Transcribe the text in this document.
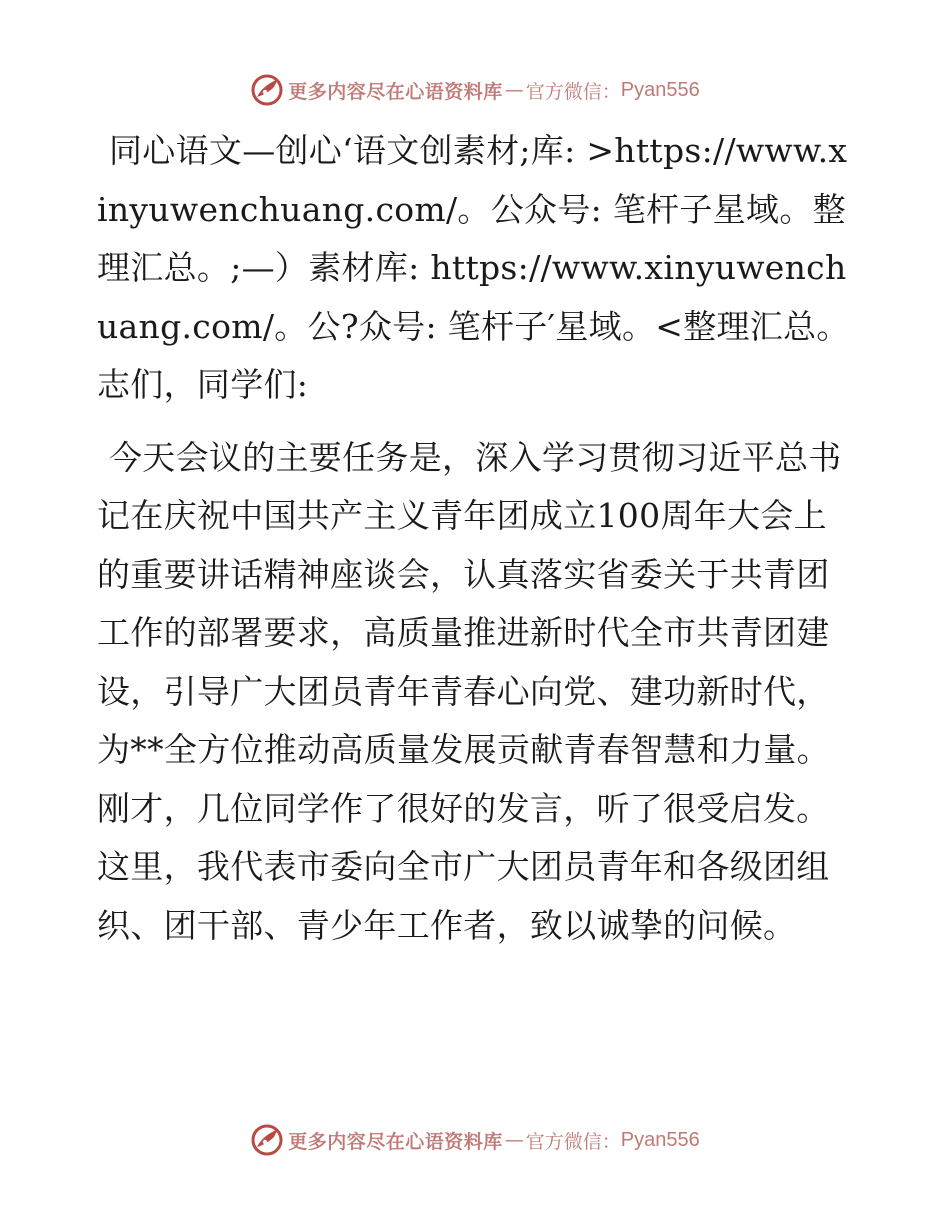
更多内容尽在心语资料库 — 官方微信： Pyan556

同心语文—创心‘语文创素材;库: >https://www.xinyuwenchuang.com/。公众号: 笔杆子星域。整理汇总。;—）素材库: https://www.xinyuwenchuang.com/。公?众号: 笔杆子′星域。<整理汇总。志们，同学们:

今天会议的主要任务是，深入学习贯彻习近平总书记在庆祝中国共产主义青年团成立100周年大会上的重要讲话精神座谈会，认真落实省委关于共青团工作的部署要求，高质量推进新时代全市共青团建设，引导广大团员青年青春心向党、建功新时代，为**全方位推动高质量发展贡献青春智慧和力量。刚才，几位同学作了很好的发言，听了很受启发。这里，我代表市委向全市广大团员青年和各级团组织、团干部、青少年工作者，致以诚挚的问候。

更多内容尽在心语资料库 — 官方微信： Pyan556
